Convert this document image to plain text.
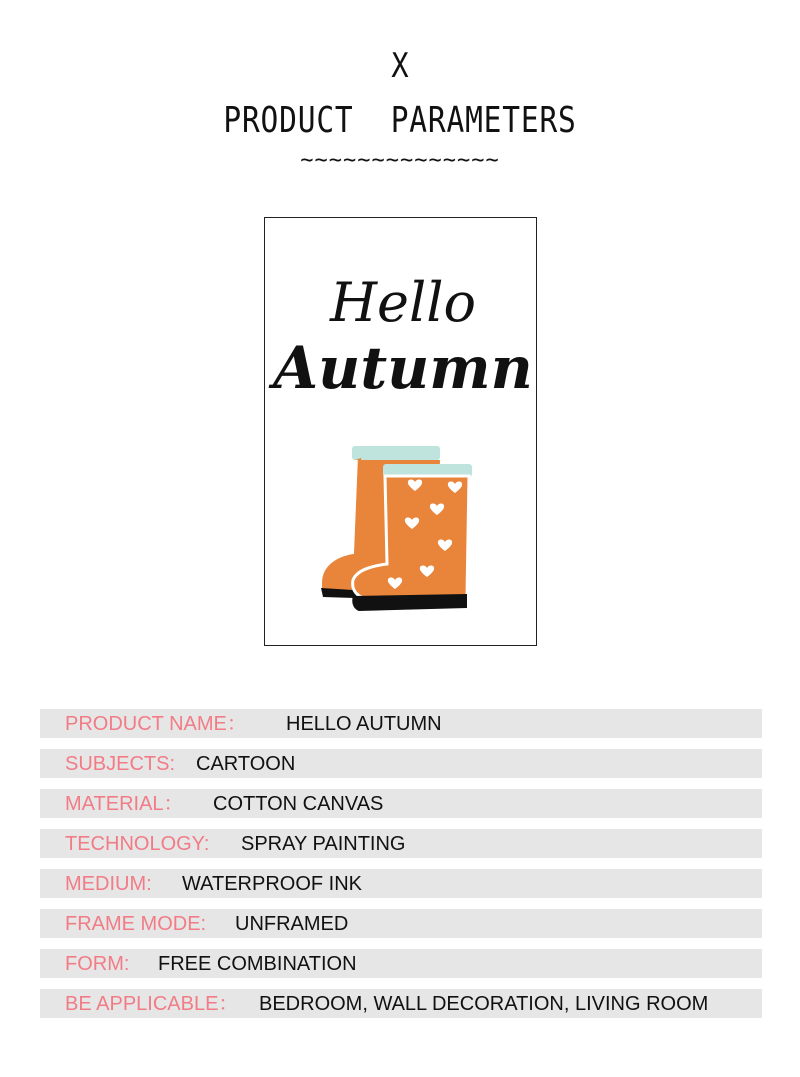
X
PRODUCT  PARAMETERS
~~~~~~~~~~~~~~
Hello
Autumn
PRODUCT NAME： HELLO AUTUMN
SUBJECTS: CARTOON
MATERIAL： COTTON CANVAS
TECHNOLOGY: SPRAY PAINTING
MEDIUM: WATERPROOF INK
FRAME MODE: UNFRAMED
FORM: FREE COMBINATION
BE APPLICABLE： BEDROOM, WALL DECORATION, LIVING ROOM
